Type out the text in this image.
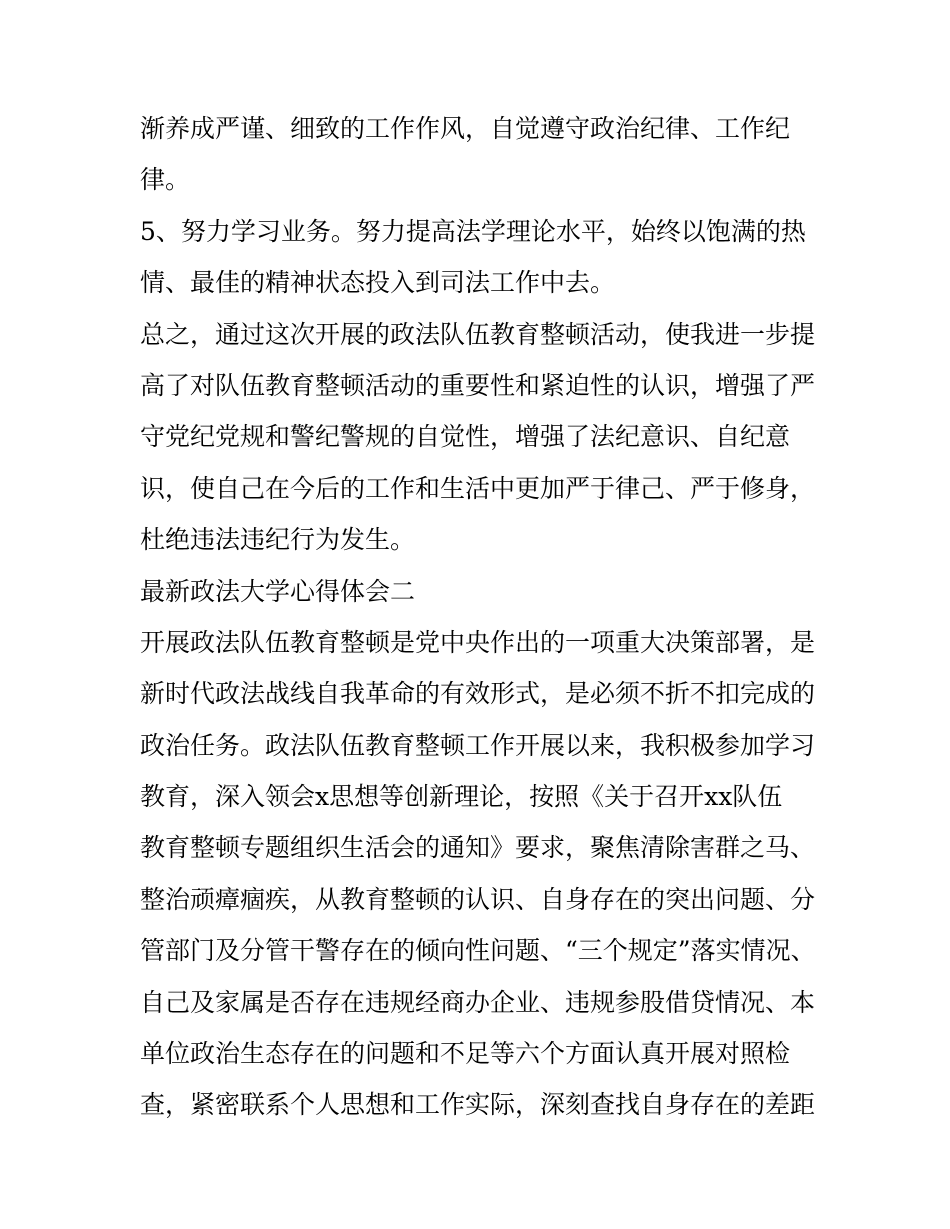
渐养成严谨、细致的工作作风，自觉遵守政治纪律、工作纪
律。
5、努力学习业务。努力提高法学理论水平，始终以饱满的热
情、最佳的精神状态投入到司法工作中去。
总之，通过这次开展的政法队伍教育整顿活动，使我进一步提
高了对队伍教育整顿活动的重要性和紧迫性的认识，增强了严
守党纪党规和警纪警规的自觉性，增强了法纪意识、自纪意
识，使自己在今后的工作和生活中更加严于律己、严于修身，
杜绝违法违纪行为发生。
最新政法大学心得体会二
开展政法队伍教育整顿是党中央作出的一项重大决策部署，是
新时代政法战线自我革命的有效形式，是必须不折不扣完成的
政治任务。政法队伍教育整顿工作开展以来，我积极参加学习
教育，深入领会x思想等创新理论，按照《关于召开xx队伍
教育整顿专题组织生活会的通知》要求，聚焦清除害群之马、
整治顽瘴痼疾，从教育整顿的认识、自身存在的突出问题、分
管部门及分管干警存在的倾向性问题、“三个规定”落实情况、
自己及家属是否存在违规经商办企业、违规参股借贷情况、本
单位政治生态存在的问题和不足等六个方面认真开展对照检
查，紧密联系个人思想和工作实际，深刻查找自身存在的差距
